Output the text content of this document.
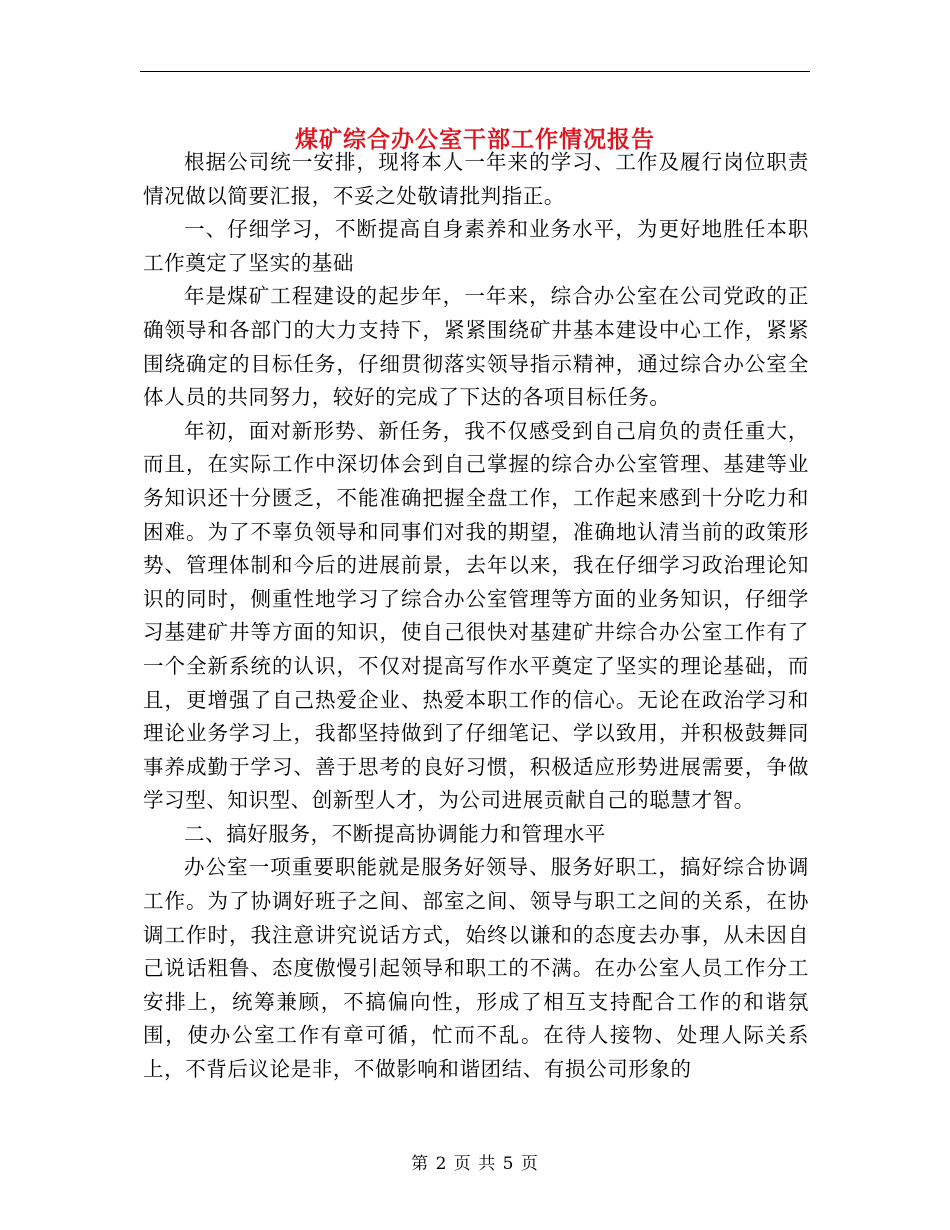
煤矿综合办公室干部工作情况报告

根据公司统一安排，现将本人一年来的学习、工作及履行岗位职责情况做以简要汇报，不妥之处敬请批判指正。

一、仔细学习，不断提高自身素养和业务水平，为更好地胜任本职工作奠定了坚实的基础

年是煤矿工程建设的起步年，一年来，综合办公室在公司党政的正确领导和各部门的大力支持下，紧紧围绕矿井基本建设中心工作，紧紧围绕确定的目标任务，仔细贯彻落实领导指示精神，通过综合办公室全体人员的共同努力，较好的完成了下达的各项目标任务。

年初，面对新形势、新任务，我不仅感受到自己肩负的责任重大，而且，在实际工作中深切体会到自己掌握的综合办公室管理、基建等业务知识还十分匮乏，不能准确把握全盘工作，工作起来感到十分吃力和困难。为了不辜负领导和同事们对我的期望，准确地认清当前的政策形势、管理体制和今后的进展前景，去年以来，我在仔细学习政治理论知识的同时，侧重性地学习了综合办公室管理等方面的业务知识，仔细学习基建矿井等方面的知识，使自己很快对基建矿井综合办公室工作有了一个全新系统的认识，不仅对提高写作水平奠定了坚实的理论基础，而且，更增强了自己热爱企业、热爱本职工作的信心。无论在政治学习和理论业务学习上，我都坚持做到了仔细笔记、学以致用，并积极鼓舞同事养成勤于学习、善于思考的良好习惯，积极适应形势进展需要，争做学习型、知识型、创新型人才，为公司进展贡献自己的聪慧才智。

二、搞好服务，不断提高协调能力和管理水平

办公室一项重要职能就是服务好领导、服务好职工，搞好综合协调工作。为了协调好班子之间、部室之间、领导与职工之间的关系，在协调工作时，我注意讲究说话方式，始终以谦和的态度去办事，从未因自己说话粗鲁、态度傲慢引起领导和职工的不满。在办公室人员工作分工安排上，统筹兼顾，不搞偏向性，形成了相互支持配合工作的和谐氛围，使办公室工作有章可循，忙而不乱。在待人接物、处理人际关系上，不背后议论是非，不做影响和谐团结、有损公司形象的

第 2 页 共 5 页
